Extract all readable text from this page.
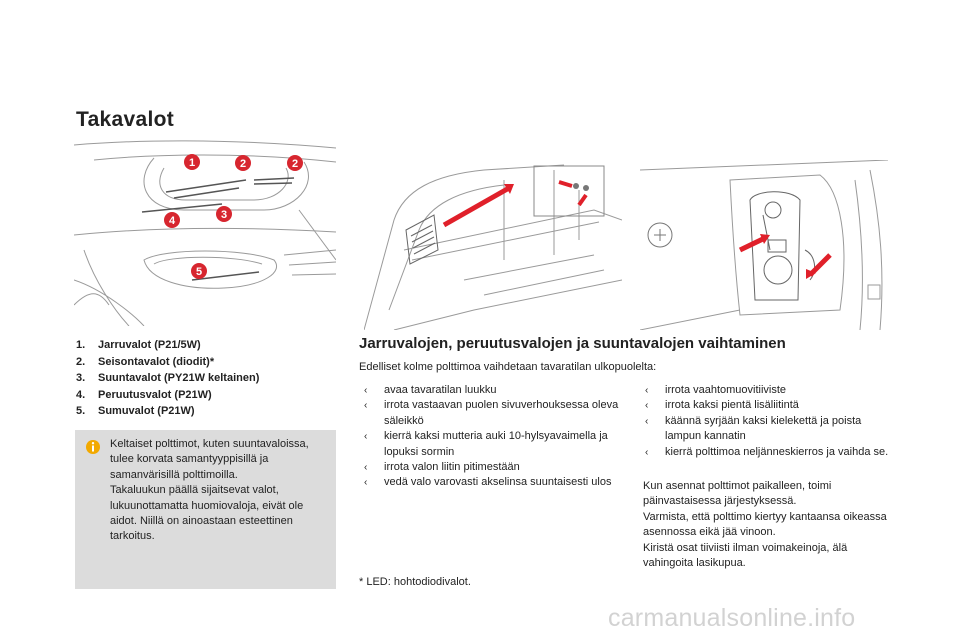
Takavalot
1	2	2
3
4
5
1. Jarruvalot (P21/5W)
2. Seisontavalot (diodit)*
3. Suuntavalot (PY21W keltainen)
4. Peruutusvalot (P21W)
5. Sumuvalot (P21W)

Keltaiset polttimot, kuten suuntavaloissa, tulee korvata samantyyppisillä ja samanvärisillä polttimoilla.

Takaluukun päällä sijaitsevat valot, lukuunottamatta huomiovaloja, eivät ole aidot. Niillä on ainoastaan esteettinen tarkoitus.

Jarruvalojen, peruutusvalojen ja suuntavalojen vaihtaminen
Edelliset kolme polttimoa vaihdetaan tavaratilan ulkopuolelta:
‹ avaa tavaratilan luukku
‹ irrota vastaavan puolen sivuverhouksessa oleva säleikkö
‹ kierrä kaksi mutteria auki 10-hylsyavaimella ja lopuksi sormin
‹ irrota valon liitin pitimestään
‹ vedä valo varovasti akselinsa suuntaisesti ulos
‹ irrota vaahtomuovitiiviste
‹ irrota kaksi pientä lisäliitintä
‹ käännä syrjään kaksi kielekettä ja poista lampun kannatin
‹ kierrä polttimoa neljänneskierros ja vaihda se.

Kun asennat polttimot paikalleen, toimi päinvastaisessa järjestyksessä.

Varmista, että polttimo kiertyy kantaansa oikeassa asennossa eikä jää vinoon.

Kiristä osat tiiviisti ilman voimakeinoja, älä vahingoita lasikupua.

* LED: hohtodiodivalot.
carmanualsonline.info
